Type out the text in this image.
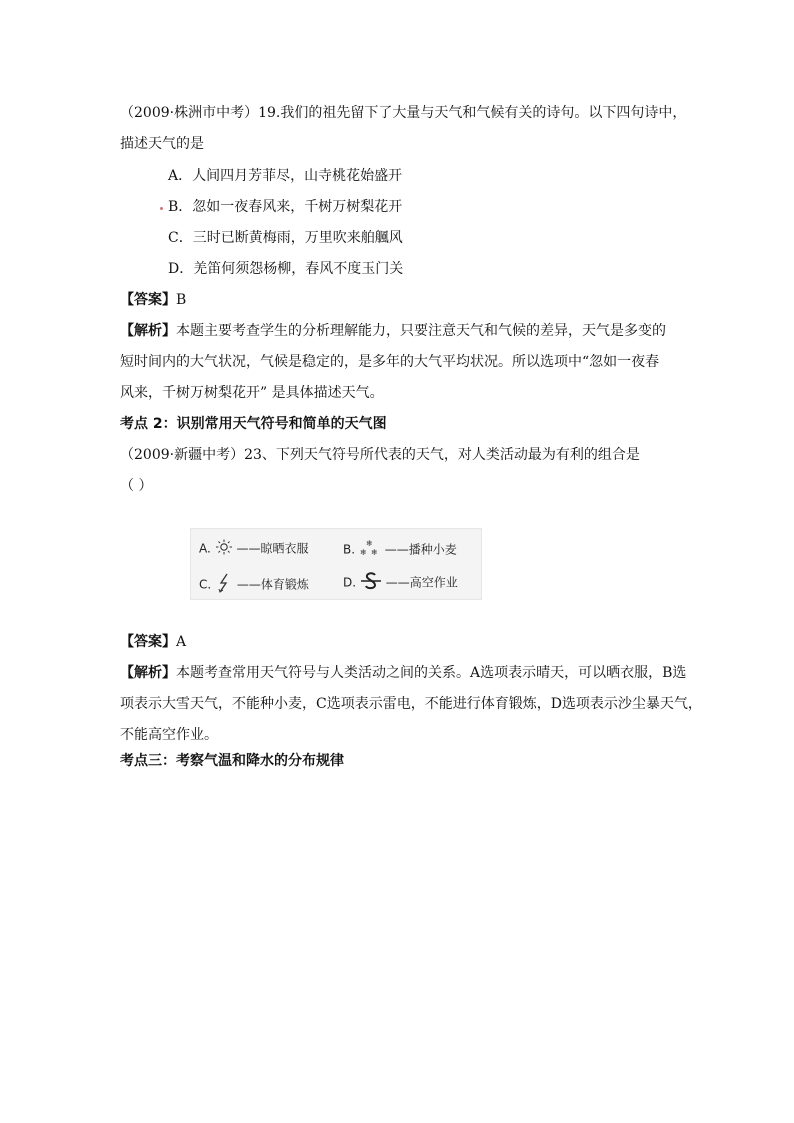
（2009·株洲市中考）19.我们的祖先留下了大量与天气和气候有关的诗句。以下四句诗中，
描述天气的是
A．人间四月芳菲尽，山寺桃花始盛开
B．忽如一夜春风来，千树万树梨花开
C．三时已断黄梅雨，万里吹来舶䑺风
D．羌笛何须怨杨柳，春风不度玉门关
【答案】B
【解析】本题主要考查学生的分析理解能力，只要注意天气和气候的差异，天气是多变的
短时间内的大气状况，气候是稳定的，是多年的大气平均状况。所以选项中“忽如一夜春
风来，千树万树梨花开” 是具体描述天气。
考点 2：识别常用天气符号和简单的天气图
（2009·新疆中考）23、下列天气符号所代表的天气，对人类活动最为有利的组合是
（ ）
A. ——晾晒衣服	B. ❄
❄ ❄ ——播种小麦
C. ——体育锻炼	D. ——高空作业
【答案】A
【解析】本题考查常用天气符号与人类活动之间的关系。A选项表示晴天，可以晒衣服，B选
项表示大雪天气，不能种小麦，C选项表示雷电，不能进行体育锻炼，D选项表示沙尘暴天气，
不能高空作业。
考点三：考察气温和降水的分布规律
